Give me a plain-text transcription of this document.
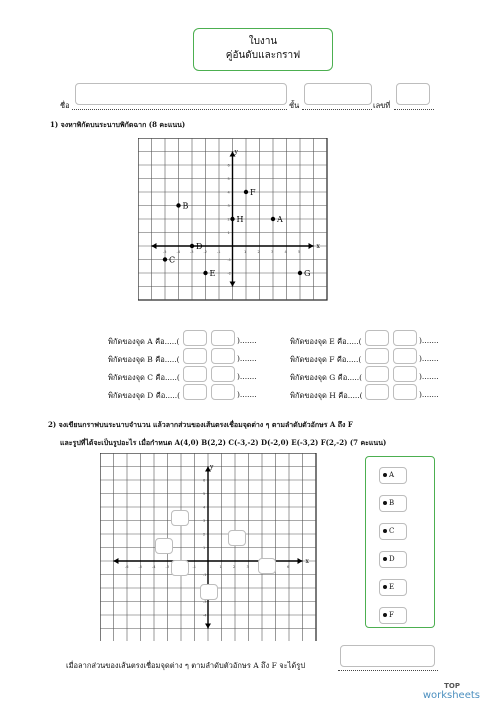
ใบงาน
คู่อันดับและกราฟ
ชื่อ	ชั้น	เลขที่
1) จงหาพิกัดบนระนาบพิกัดฉาก (8 คะแนน)
x
y
-5	-4	-3	-2	-1	1	2	3	4	5
-2
-1
1
2
3
4
5
6
A
B
C
D
E
F
G
H
พิกัดของจุด A คือ.....(	).......	พิกัดของจุด E คือ.....(	).......
พิกัดของจุด B คือ.....(	).......	พิกัดของจุด F คือ.....(	).......
พิกัดของจุด C คือ.....(	).......	พิกัดของจุด G คือ.....(	).......
พิกัดของจุด D คือ.....(	).......	พิกัดของจุด H คือ.....(	).......
2) จงเขียนกราฟบนระนาบจำนวน แล้วลากส่วนของเส้นตรงเชื่อมจุดต่าง ๆ ตามลำดับตัวอักษร A ถึง F
และรูปที่ได้จะเป็นรูปอะไร เมื่อกำหนด A(4,0) B(2,2) C(-3,-2) D(-2,0) E(-3,2) F(2,-2) (7 คะแนน)
x
y
-6	-5	-4	-3	-1	1	2	3	6
-4
-3
-1
1
2
3
4
5
6
A
B
C
D
E
F
เมื่อลากส่วนของเส้นตรงเชื่อมจุดต่าง ๆ ตามลำดับตัวอักษร A ถึง F จะได้รูป
TOP
worksheets
